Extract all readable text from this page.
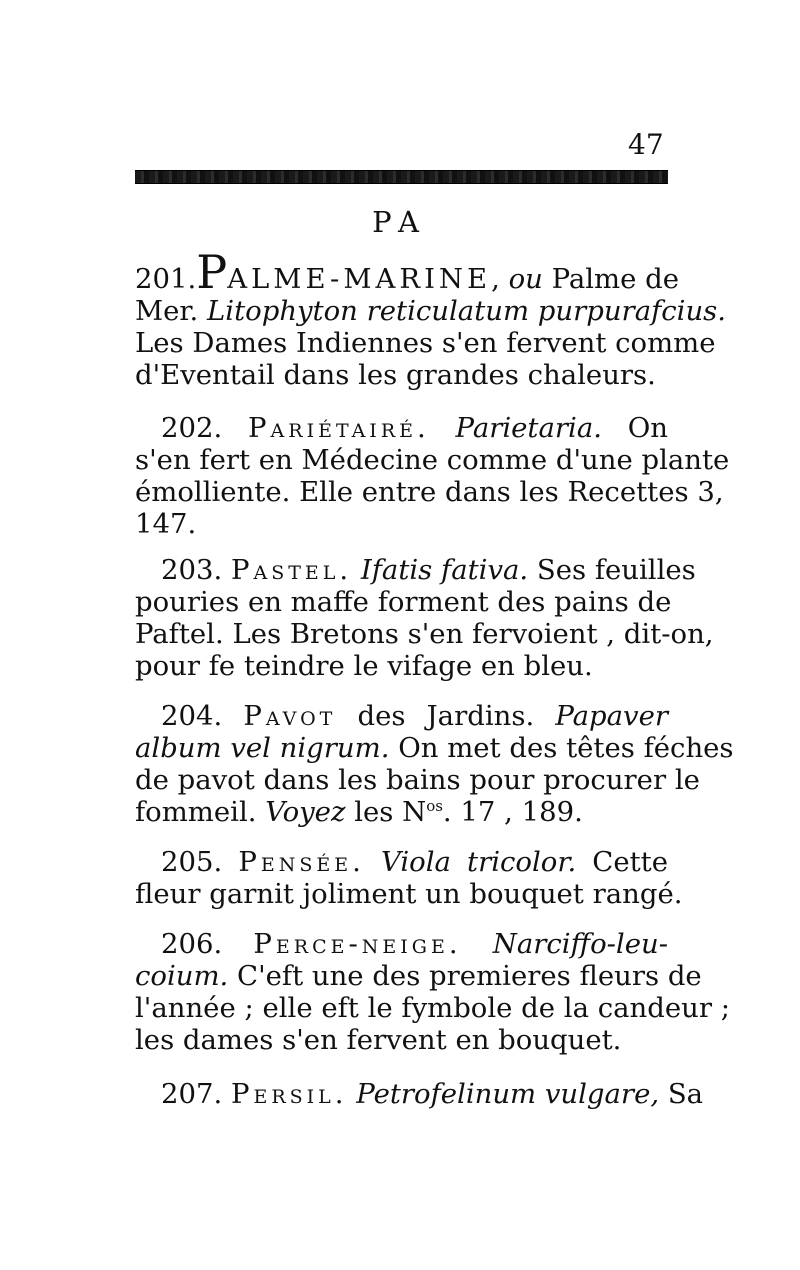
47
PA
201.PALME-MARINE, ou Palme de
Mer. Litophyton reticulatum purpurafcius.
Les Dames Indiennes s'en fervent comme
d'Eventail dans les grandes chaleurs.
202. Pariétairé. Parietaria. On
s'en fert en Médecine comme d'une plante
émolliente. Elle entre dans les Recettes 3,
147.
203. Pastel. Ifatis fativa. Ses feuilles
pouries en maffe forment des pains de
Paftel. Les Bretons s'en fervoient , dit-on,
pour fe teindre le vifage en bleu.
204. Pavot des Jardins. Papaver
album vel nigrum. On met des têtes féches
de pavot dans les bains pour procurer le
fommeil. Voyez les $N^{os}$. 17 , 189.
205. Pensée. Viola tricolor. Cette
fleur garnit joliment un bouquet rangé.
206. Perce-neige. Narciffo-leu-
coium. C'eft une des premieres fleurs de
l'année ; elle eft le fymbole de la candeur ;
les dames s'en fervent en bouquet.
207. Persil. Petrofelinum vulgare, Sa
